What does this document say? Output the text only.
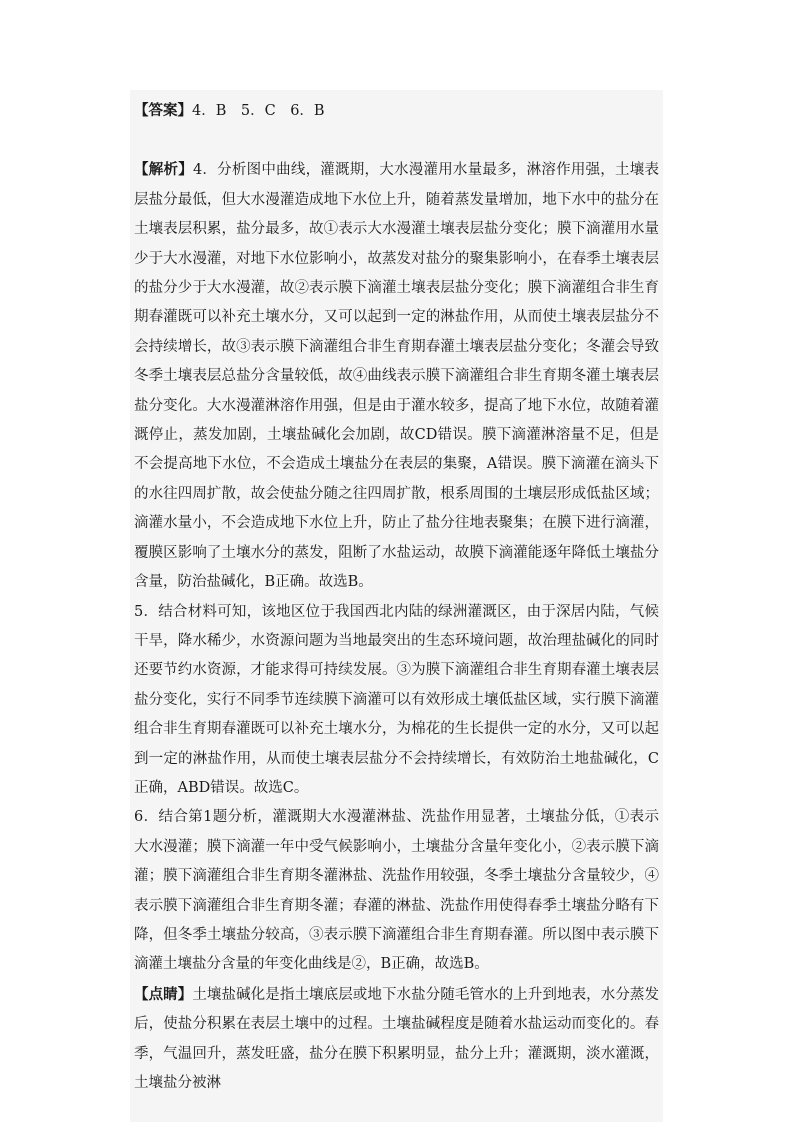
【答案】4．B　5．C　6．B

【解析】4．分析图中曲线，灌溉期，大水漫灌用水量最多，淋溶作用强，土壤表层盐分最低，但大水漫灌造成地下水位上升，随着蒸发量增加，地下水中的盐分在土壤表层积累，盐分最多，故①表示大水漫灌土壤表层盐分变化；膜下滴灌用水量少于大水漫灌，对地下水位影响小，故蒸发对盐分的聚集影响小，在春季土壤表层的盐分少于大水漫灌，故②表示膜下滴灌土壤表层盐分变化；膜下滴灌组合非生育期春灌既可以补充土壤水分，又可以起到一定的淋盐作用，从而使土壤表层盐分不会持续增长，故③表示膜下滴灌组合非生育期春灌土壤表层盐分变化；冬灌会导致冬季土壤表层总盐分含量较低，故④曲线表示膜下滴灌组合非生育期冬灌土壤表层盐分变化。大水漫灌淋溶作用强，但是由于灌水较多，提高了地下水位，故随着灌溉停止，蒸发加剧，土壤盐碱化会加剧，故CD错误。膜下滴灌淋溶量不足，但是不会提高地下水位，不会造成土壤盐分在表层的集聚，A错误。膜下滴灌在滴头下的水往四周扩散，故会使盐分随之往四周扩散，根系周围的土壤层形成低盐区域；滴灌水量小，不会造成地下水位上升，防止了盐分往地表聚集；在膜下进行滴灌，覆膜区影响了土壤水分的蒸发，阻断了水盐运动，故膜下滴灌能逐年降低土壤盐分含量，防治盐碱化，B正确。故选B。

5．结合材料可知，该地区位于我国西北内陆的绿洲灌溉区，由于深居内陆，气候干旱，降水稀少，水资源问题为当地最突出的生态环境问题，故治理盐碱化的同时还要节约水资源，才能求得可持续发展。③为膜下滴灌组合非生育期春灌土壤表层盐分变化，实行不同季节连续膜下滴灌可以有效形成土壤低盐区域，实行膜下滴灌组合非生育期春灌既可以补充土壤水分，为棉花的生长提供一定的水分，又可以起到一定的淋盐作用，从而使土壤表层盐分不会持续增长，有效防治土地盐碱化，C正确，ABD错误。故选C。

6．结合第1题分析，灌溉期大水漫灌淋盐、洗盐作用显著，土壤盐分低，①表示大水漫灌；膜下滴灌一年中受气候影响小，土壤盐分含量年变化小，②表示膜下滴灌；膜下滴灌组合非生育期冬灌淋盐、洗盐作用较强，冬季土壤盐分含量较少，④表示膜下滴灌组合非生育期冬灌；春灌的淋盐、洗盐作用使得春季土壤盐分略有下降，但冬季土壤盐分较高，③表示膜下滴灌组合非生育期春灌。所以图中表示膜下滴灌土壤盐分含量的年变化曲线是②，B正确，故选B。

【点睛】土壤盐碱化是指土壤底层或地下水盐分随毛管水的上升到地表，水分蒸发后，使盐分积累在表层土壤中的过程。土壤盐碱程度是随着水盐运动而变化的。春季，气温回升，蒸发旺盛，盐分在膜下积累明显，盐分上升；灌溉期，淡水灌溉，土壤盐分被淋
